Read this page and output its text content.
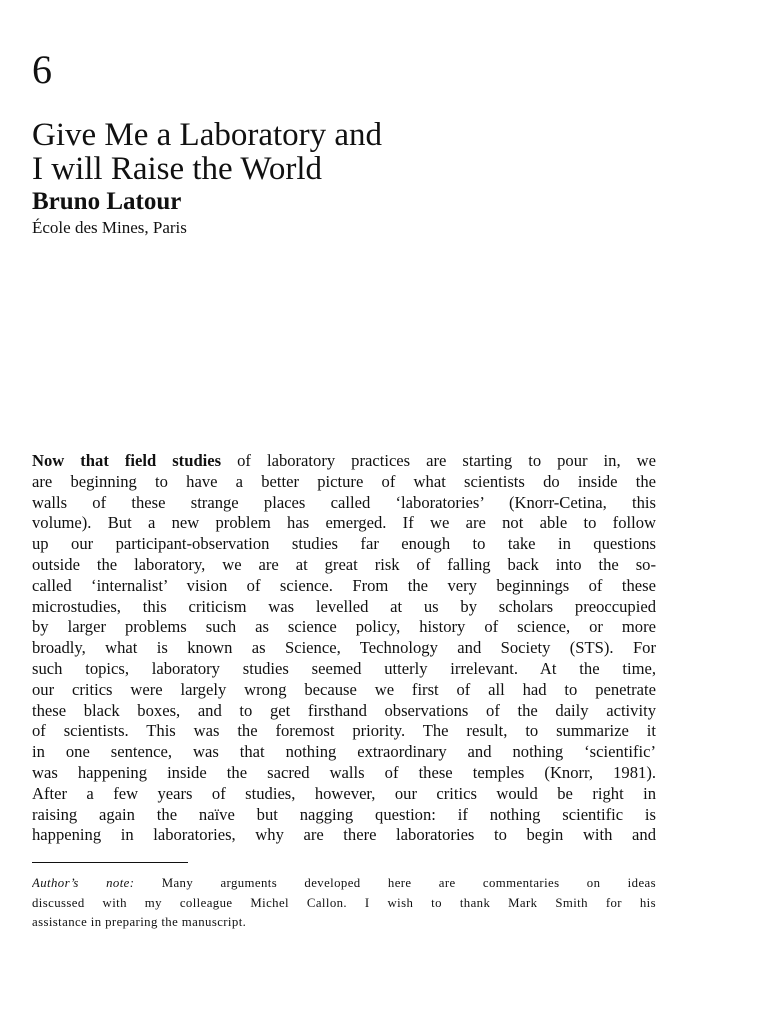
6
Give Me a Laboratory and
I will Raise the World
Bruno Latour

École des Mines, Paris

Now that field studies of laboratory practices are starting to pour in, we
are beginning to have a better picture of what scientists do inside the
walls of these strange places called ‘laboratories’ (Knorr-Cetina, this
volume). But a new problem has emerged. If we are not able to follow
up our participant-observation studies far enough to take in questions
outside the laboratory, we are at great risk of falling back into the so-
called ‘internalist’ vision of science. From the very beginnings of these
microstudies, this criticism was levelled at us by scholars preoccupied
by larger problems such as science policy, history of science, or more
broadly, what is known as Science, Technology and Society (STS). For
such topics, laboratory studies seemed utterly irrelevant. At the time,
our critics were largely wrong because we first of all had to penetrate
these black boxes, and to get firsthand observations of the daily activity
of scientists. This was the foremost priority. The result, to summarize it
in one sentence, was that nothing extraordinary and nothing ‘scientific’
was happening inside the sacred walls of these temples (Knorr, 1981).
After a few years of studies, however, our critics would be right in
raising again the naïve but nagging question: if nothing scientific is
happening in laboratories, why are there laboratories to begin with and
Author’s note: Many arguments developed here are commentaries on ideas
discussed with my colleague Michel Callon. I wish to thank Mark Smith for his
assistance in preparing the manuscript.
